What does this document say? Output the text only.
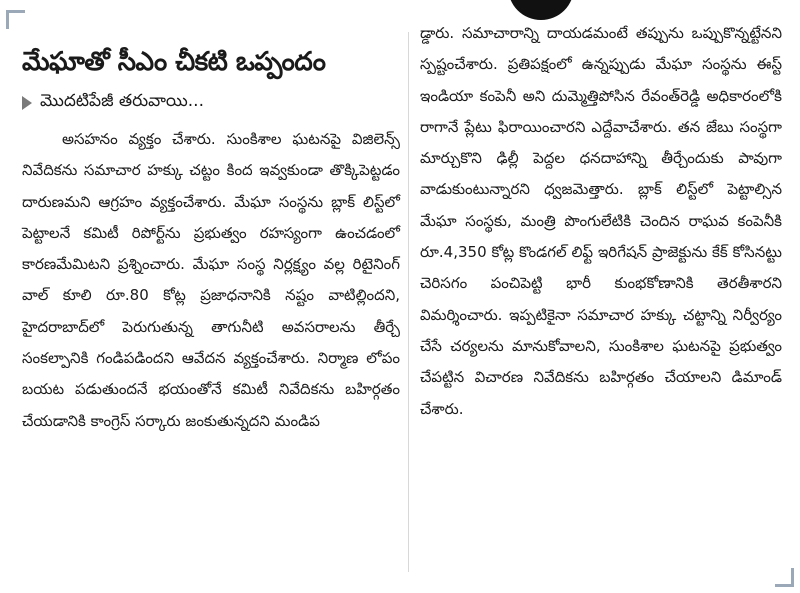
మేఘాతో సీఎం చీకటి ఒప్పందం
మొదటిపేజీ తరువాయి...

అసహనం వ్యక్తం చేశారు. సుంకిశాల ఘటనపై విజిలెన్స్ నివేదికను సమాచార హక్కు చట్టం కింద ఇవ్వకుండా తొక్కిపెట్టడం దారుణమని ఆగ్రహం వ్యక్తంచేశారు. మేఘా సంస్థను బ్లాక్ లిస్ట్‌లో పెట్టాలనే కమిటీ రిపోర్ట్‌ను ప్రభుత్వం రహస్యంగా ఉంచడంలో కారణమేమిటని ప్రశ్నించారు. మేఘా సంస్థ నిర్లక్ష్యం వల్ల రిటైనింగ్ వాల్ కూలి రూ.80 కోట్ల ప్రజాధనానికి నష్టం వాటిల్లిందని, హైదరాబాద్‌లో పెరుగుతున్న తాగునీటి అవసరాలను తీర్చే సంకల్పానికి గండిపడిందని ఆవేదన వ్యక్తంచేశారు. నిర్మాణ లోపం బయట పడుతుందనే భయంతోనే కమిటీ నివేదికను బహిర్గతం చేయడానికి కాంగ్రెస్ సర్కారు జంకుతున్నదని మండిప

డ్డారు. సమాచారాన్ని దాయడమంటే తప్పును ఒప్పుకొన్నట్టేనని స్పష్టంచేశారు. ప్రతిపక్షంలో ఉన్నప్పుడు మేఘా సంస్థను ఈస్ట్ ఇండియా కంపెనీ అని దుమ్మెత్తిపోసిన రేవంత్‌రెడ్డి అధికారంలోకి రాగానే ప్లేటు ఫిరాయించారని ఎద్దేవాచేశారు. తన జేబు సంస్థగా మార్చుకొని ఢిల్లీ పెద్దల ధనదాహాన్ని తీర్చేందుకు పావుగా వాడుకుంటున్నారని ధ్వజమెత్తారు. బ్లాక్ లిస్ట్‌లో పెట్టాల్సిన మేఘా సంస్థకు, మంత్రి పొంగులేటికి చెందిన రాఘవ కంపెనీకి రూ.4,350 కోట్ల కొండగల్ లిఫ్ట్ ఇరిగేషన్ ప్రాజెక్టును కేక్ కోసినట్టు చెరిసగం పంచిపెట్టి భారీ కుంభకోణానికి తెరతీశారని విమర్శించారు. ఇప్పటికైనా సమాచార హక్కు చట్టాన్ని నిర్వీర్యం చేసే చర్యలను మానుకోవాలని, సుంకిశాల ఘటనపై ప్రభుత్వం చేపట్టిన విచారణ నివేదికను బహిర్గతం చేయాలని డిమాండ్ చేశారు.
